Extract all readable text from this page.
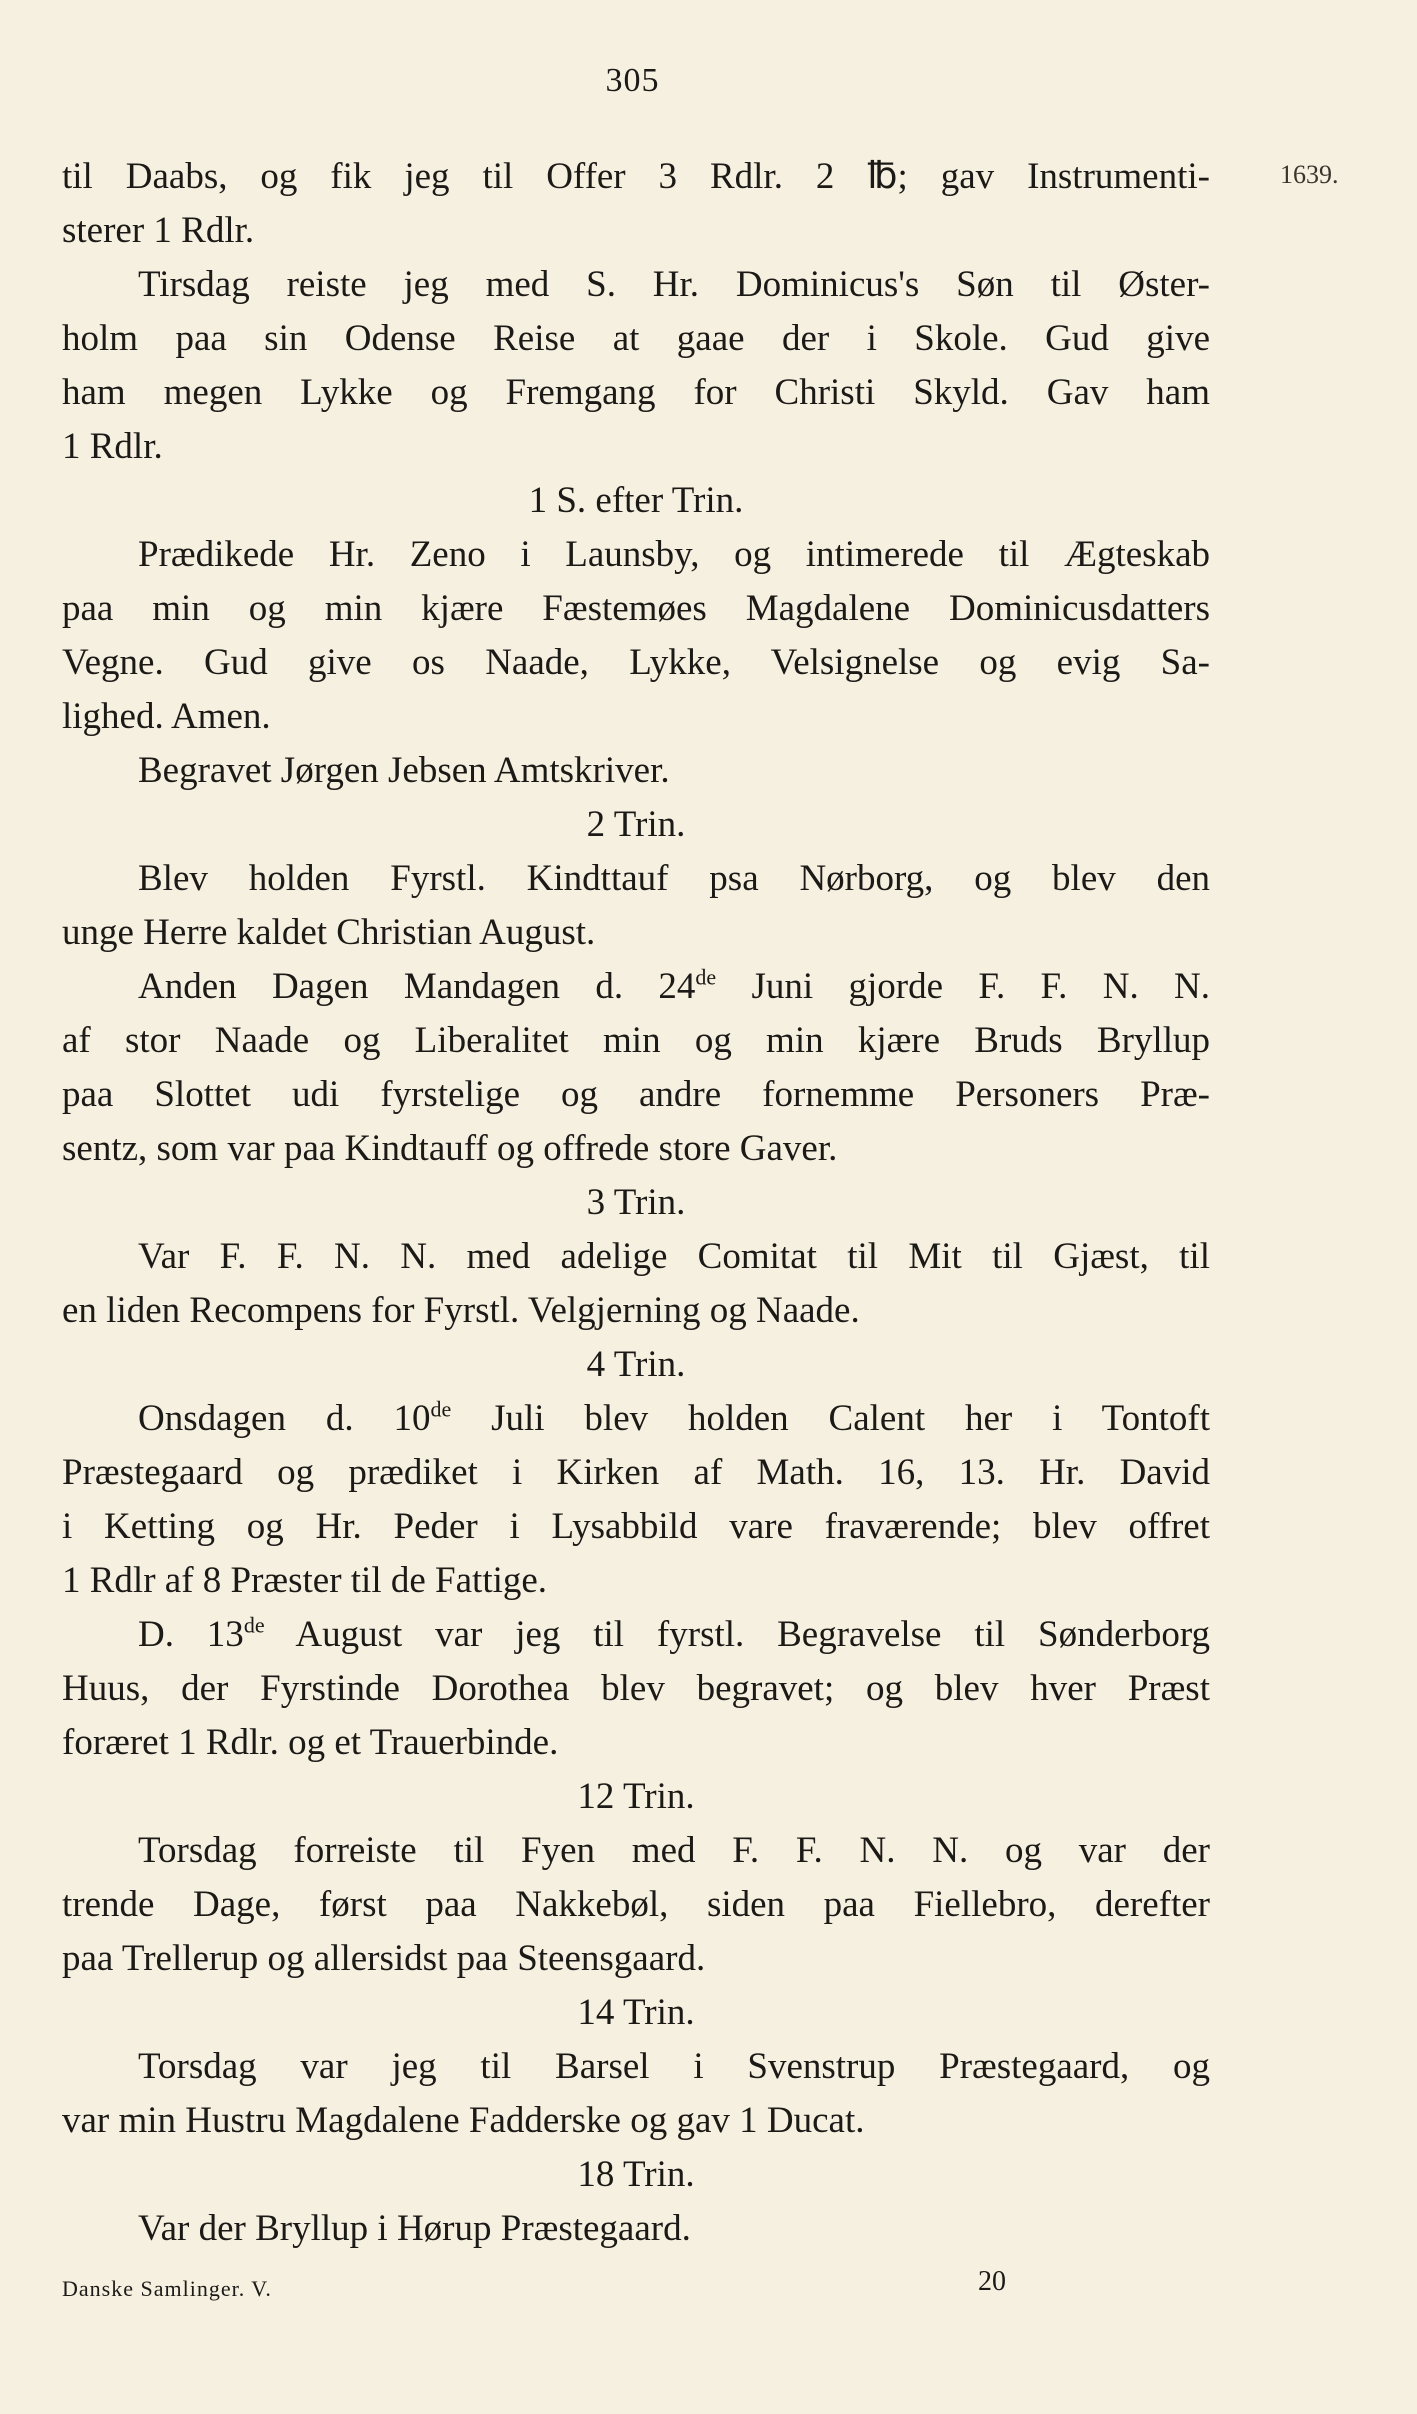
305
1639.
til Daabs, og fik jeg til Offer 3 Rdlr. 2 ℔; gav Instrumenti-
sterer 1 Rdlr.
Tirsdag reiste jeg med S. Hr. Dominicus's Søn til Øster-
holm paa sin Odense Reise at gaae der i Skole. Gud give
ham megen Lykke og Fremgang for Christi Skyld. Gav ham
1 Rdlr.
1 S. efter Trin.
Prædikede Hr. Zeno i Launsby, og intimerede til Ægteskab
paa min og min kjære Fæstemøes Magdalene Dominicusdatters
Vegne. Gud give os Naade, Lykke, Velsignelse og evig Sa-
lighed. Amen.
Begravet Jørgen Jebsen Amtskriver.
2 Trin.
Blev holden Fyrstl. Kindttauf psa Nørborg, og blev den
unge Herre kaldet Christian August.
Anden Dagen Mandagen d. 24de Juni gjorde F. F. N. N.
af stor Naade og Liberalitet min og min kjære Bruds Bryllup
paa Slottet udi fyrstelige og andre fornemme Personers Præ-
sentz, som var paa Kindtauff og offrede store Gaver.
3 Trin.
Var F. F. N. N. med adelige Comitat til Mit til Gjæst, til
en liden Recompens for Fyrstl. Velgjerning og Naade.
4 Trin.
Onsdagen d. 10de Juli blev holden Calent her i Tontoft
Præstegaard og prædiket i Kirken af Math. 16, 13. Hr. David
i Ketting og Hr. Peder i Lysabbild vare fraværende; blev offret
1 Rdlr af 8 Præster til de Fattige.
D. 13de August var jeg til fyrstl. Begravelse til Sønderborg
Huus, der Fyrstinde Dorothea blev begravet; og blev hver Præst
foræret 1 Rdlr. og et Trauerbinde.
12 Trin.
Torsdag forreiste til Fyen med F. F. N. N. og var der
trende Dage, først paa Nakkebøl, siden paa Fiellebro, derefter
paa Trellerup og allersidst paa Steensgaard.
14 Trin.
Torsdag var jeg til Barsel i Svenstrup Præstegaard, og
var min Hustru Magdalene Fadderske og gav 1 Ducat.
18 Trin.
Var der Bryllup i Hørup Præstegaard.
Danske Samlinger. V.	20
